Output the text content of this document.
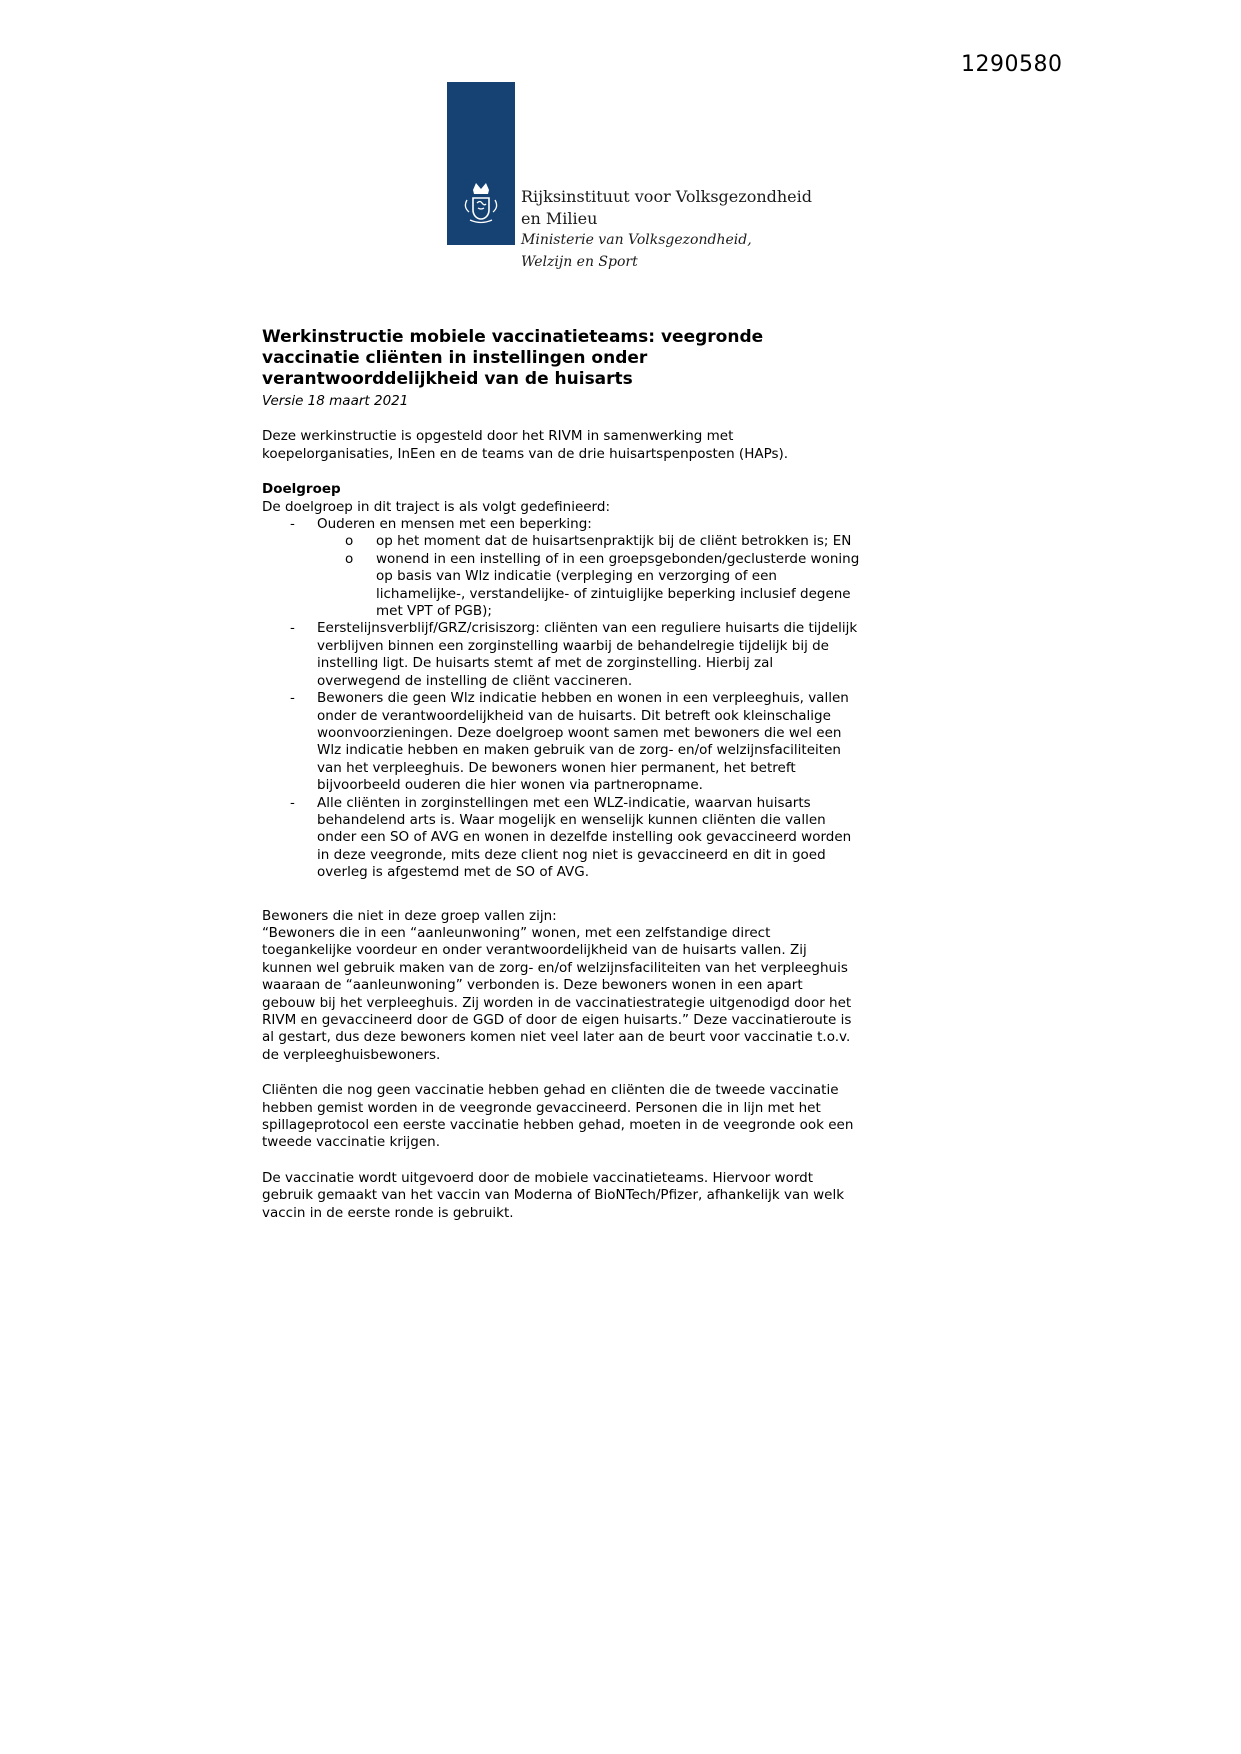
1290580
Rijksinstituut voor Volksgezondheid
en Milieu
Ministerie van Volksgezondheid,
Welzijn en Sport
Werkinstructie mobiele vaccinatieteams: veegronde
vaccinatie cliënten in instellingen onder
verantwoorddelijkheid van de huisarts
Versie 18 maart 2021
Deze werkinstructie is opgesteld door het RIVM in samenwerking met koepelorganisaties, InEen en de teams van de drie huisartspenposten (HAPs).
Doelgroep
De doelgroep in dit traject is als volgt gedefinieerd:
- Ouderen en mensen met een beperking:
o op het moment dat de huisartsenpraktijk bij de cliënt betrokken is; EN
o wonend in een instelling of in een groepsgebonden/geclusterde woning op basis van Wlz indicatie (verpleging en verzorging of een lichamelijke-, verstandelijke- of zintuiglijke beperking inclusief degene met VPT of PGB);
- Eerstelijnsverblijf/GRZ/crisiszorg: cliënten van een reguliere huisarts die tijdelijk verblijven binnen een zorginstelling waarbij de behandelregie tijdelijk bij de instelling ligt. De huisarts stemt af met de zorginstelling. Hierbij zal overwegend de instelling de cliënt vaccineren.
- Bewoners die geen Wlz indicatie hebben en wonen in een verpleeghuis, vallen onder de verantwoordelijkheid van de huisarts. Dit betreft ook kleinschalige woonvoorzieningen. Deze doelgroep woont samen met bewoners die wel een Wlz indicatie hebben en maken gebruik van de zorg- en/of welzijnsfaciliteiten van het verpleeghuis. De bewoners wonen hier permanent, het betreft bijvoorbeeld ouderen die hier wonen via partneropname.
- Alle cliënten in zorginstellingen met een WLZ-indicatie, waarvan huisarts behandelend arts is. Waar mogelijk en wenselijk kunnen cliënten die vallen onder een SO of AVG en wonen in dezelfde instelling ook gevaccineerd worden in deze veegronde, mits deze client nog niet is gevaccineerd en dit in goed overleg is afgestemd met de SO of AVG.
Bewoners die niet in deze groep vallen zijn:
“Bewoners die in een “aanleunwoning” wonen, met een zelfstandige direct toegankelijke voordeur en onder verantwoordelijkheid van de huisarts vallen. Zij kunnen wel gebruik maken van de zorg- en/of welzijnsfaciliteiten van het verpleeghuis waaraan de “aanleunwoning” verbonden is. Deze bewoners wonen in een apart gebouw bij het verpleeghuis. Zij worden in de vaccinatiestrategie uitgenodigd door het RIVM en gevaccineerd door de GGD of door de eigen huisarts.” Deze vaccinatieroute is al gestart, dus deze bewoners komen niet veel later aan de beurt voor vaccinatie t.o.v. de verpleeghuisbewoners.
Cliënten die nog geen vaccinatie hebben gehad en cliënten die de tweede vaccinatie hebben gemist worden in de veegronde gevaccineerd. Personen die in lijn met het spillageprotocol een eerste vaccinatie hebben gehad, moeten in de veegronde ook een tweede vaccinatie krijgen.
De vaccinatie wordt uitgevoerd door de mobiele vaccinatieteams. Hiervoor wordt gebruik gemaakt van het vaccin van Moderna of BioNTech/Pfizer, afhankelijk van welk vaccin in de eerste ronde is gebruikt.
